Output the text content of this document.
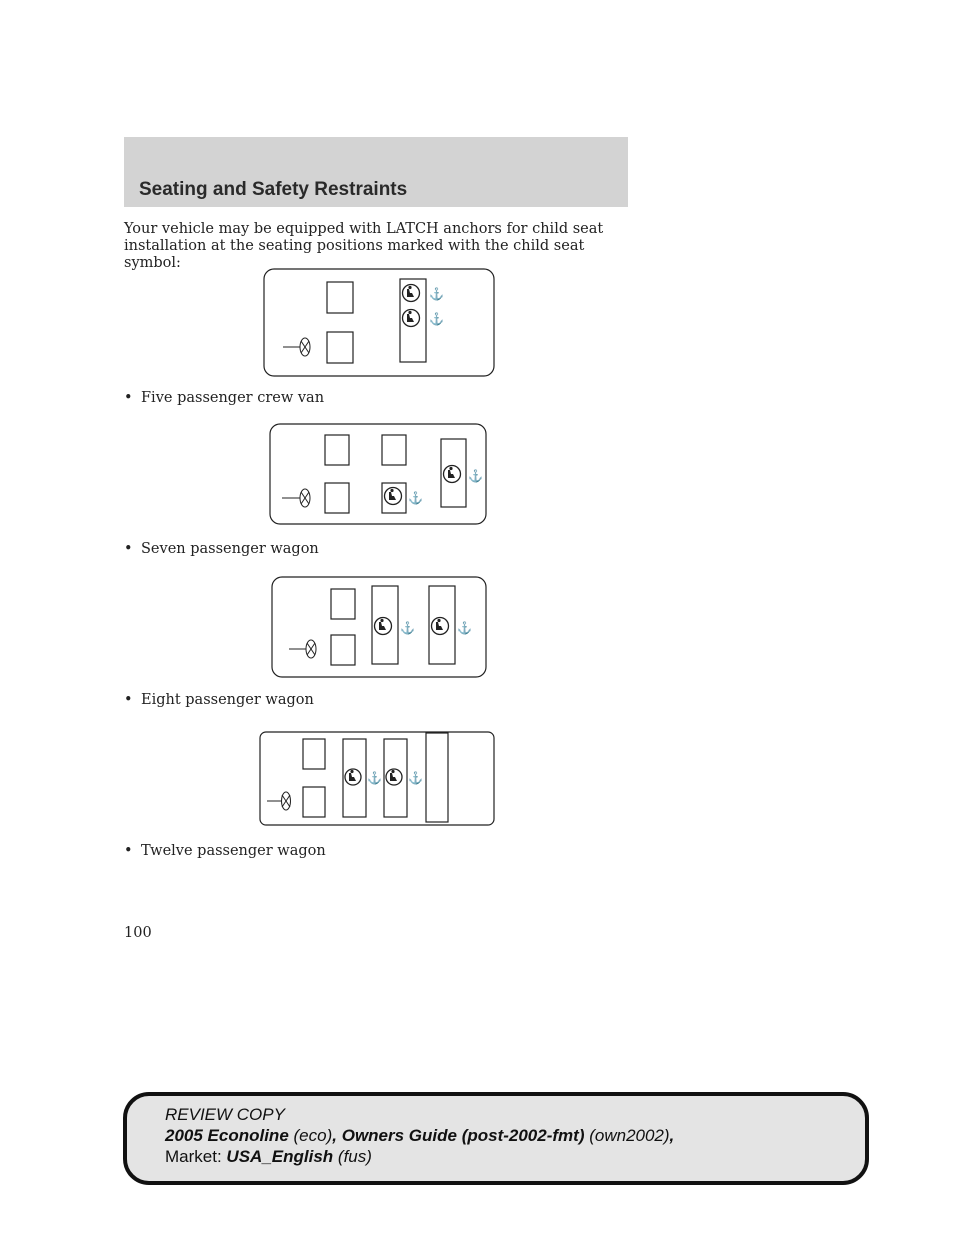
Seating and Safety Restraints

Your vehicle may be equipped with LATCH anchors for child seat installation at the seating positions marked with the child seat symbol:

⚓
⚓

• Five passenger crew van

⚓
⚓

• Seven passenger wagon

⚓	⚓

• Eight passenger wagon

⚓ ⚓

• Twelve passenger wagon

100
REVIEW COPY
2005 Econoline (eco), Owners Guide (post-2002-fmt) (own2002),
Market: USA_English (fus)
